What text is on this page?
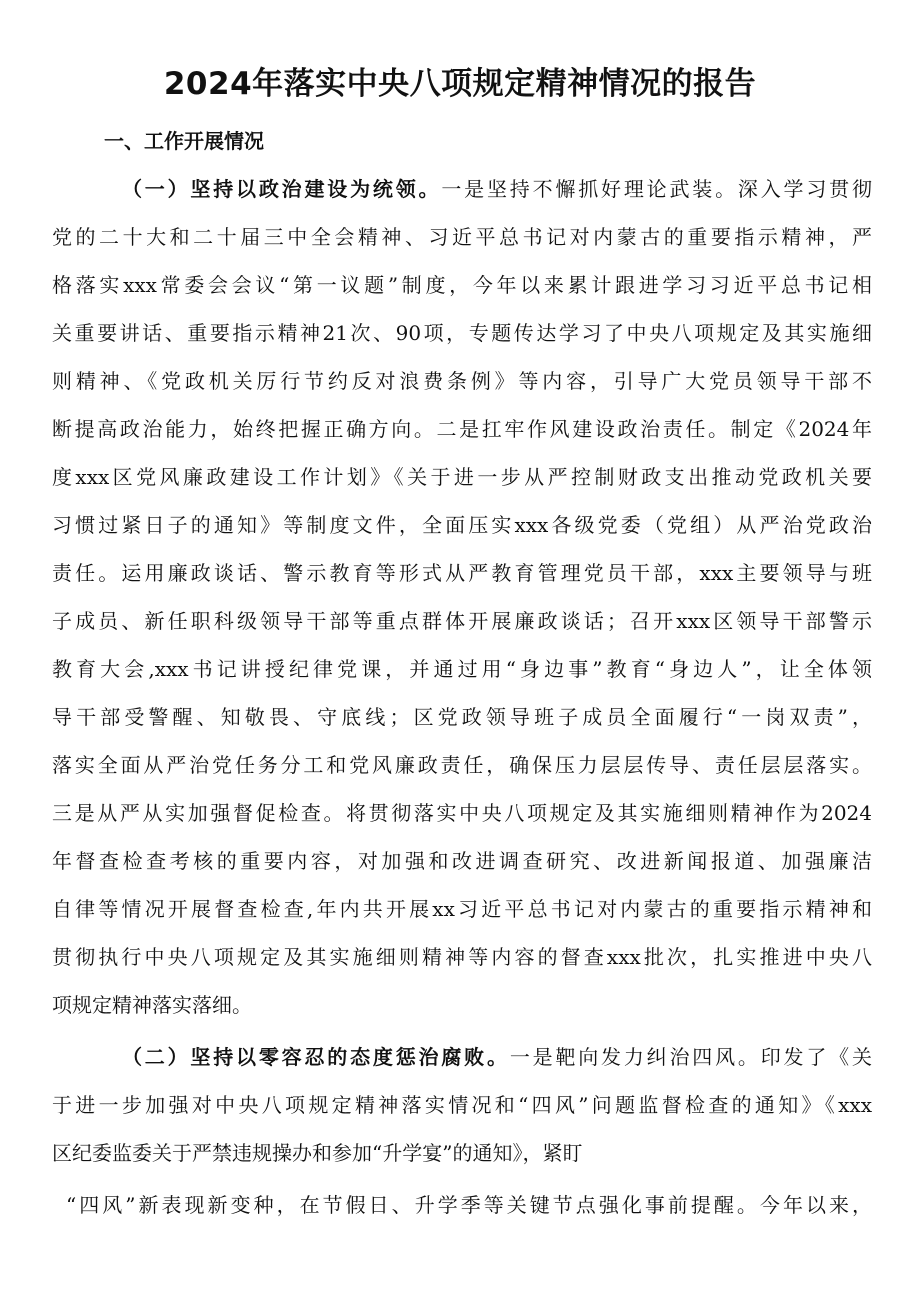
2024年落实中央八项规定精神情况的报告
一、工作开展情况
（一）坚持以政治建设为统领。一是坚持不懈抓好理论武装。深入学习贯彻
党的二十大和二十届三中全会精神、习近平总书记对内蒙古的重要指示精神，严
格落实xxx常委会会议“第一议题”制度，今年以来累计跟进学习习近平总书记相
关重要讲话、重要指示精神21次、90项，专题传达学习了中央八项规定及其实施细
则精神、《党政机关厉行节约反对浪费条例》等内容，引导广大党员领导干部不
断提高政治能力，始终把握正确方向。二是扛牢作风建设政治责任。制定《2024年
度xxx区党风廉政建设工作计划》《关于进一步从严控制财政支出推动党政机关要
习惯过紧日子的通知》等制度文件，全面压实xxx各级党委（党组）从严治党政治
责任。运用廉政谈话、警示教育等形式从严教育管理党员干部，xxx主要领导与班
子成员、新任职科级领导干部等重点群体开展廉政谈话；召开xxx区领导干部警示
教育大会,xxx书记讲授纪律党课，并通过用“身边事”教育“身边人”，让全体领
导干部受警醒、知敬畏、守底线；区党政领导班子成员全面履行“一岗双责”，
落实全面从严治党任务分工和党风廉政责任，确保压力层层传导、责任层层落实。
三是从严从实加强督促检查。将贯彻落实中央八项规定及其实施细则精神作为2024
年督查检查考核的重要内容，对加强和改进调查研究、改进新闻报道、加强廉洁
自律等情况开展督查检查,年内共开展xx习近平总书记对内蒙古的重要指示精神和
贯彻执行中央八项规定及其实施细则精神等内容的督查xxx批次，扎实推进中央八
项规定精神落实落细。
（二）坚持以零容忍的态度惩治腐败。一是靶向发力纠治四风。印发了《关
于进一步加强对中央八项规定精神落实情况和“四风”问题监督检查的通知》《xxx
区纪委监委关于严禁违规操办和参加“升学宴”的通知》，紧盯
“四风”新表现新变种，在节假日、升学季等关键节点强化事前提醒。今年以来，
